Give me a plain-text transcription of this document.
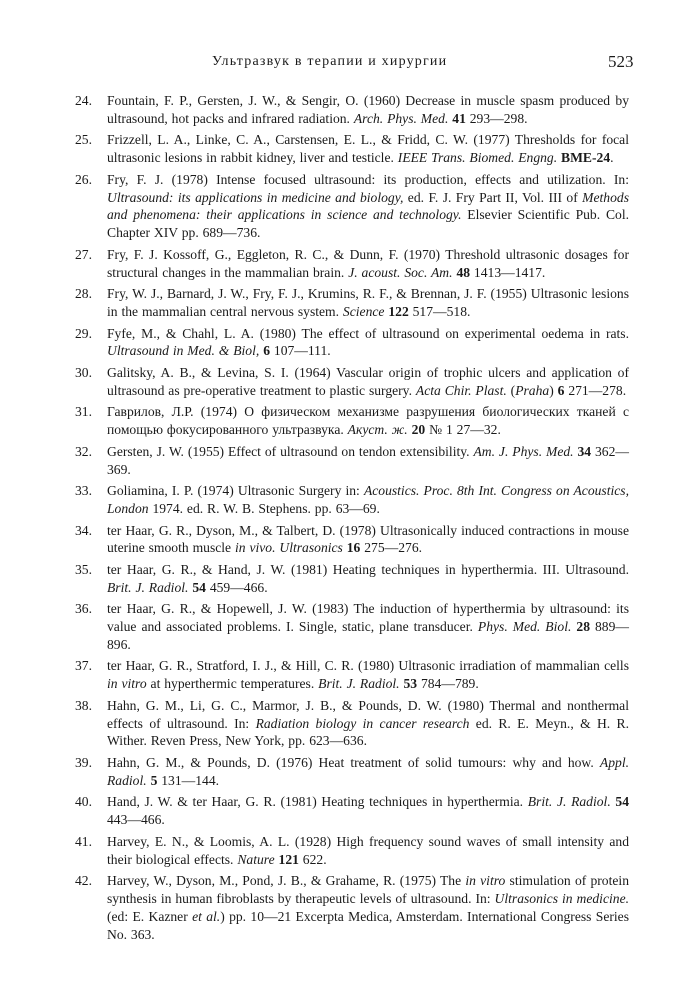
Ультразвук в терапии и хирургии	523
24.	Fountain, F. P., Gersten, J. W., & Sengir, O. (1960) Decrease in muscle spasm produced by ultrasound, hot packs and infrared radiation. Arch. Phys. Med. 41 293—298.

25.	Frizzell, L. A., Linke, C. A., Carstensen, E. L., & Fridd, C. W. (1977) Thresholds for focal ultrasonic lesions in rabbit kidney, liver and testicle. IEEE Trans. Biomed. Engng. BME-24.

26.	Fry, F. J. (1978) Intense focused ultrasound: its production, effects and utilization. In: Ultrasound: its applications in medicine and biology, ed. F. J. Fry Part II, Vol. III of Methods and phenomena: their applications in science and technology. Elsevier Scientific Pub. Col. Chapter XIV pp. 689—736.

27.	Fry, F. J. Kossoff, G., Eggleton, R. C., & Dunn, F. (1970) Threshold ultrasonic dosages for structural changes in the mammalian brain. J. acoust. Soc. Am. 48 1413—1417.

28.	Fry, W. J., Barnard, J. W., Fry, F. J., Krumins, R. F., & Brennan, J. F. (1955) Ultrasonic lesions in the mammalian central nervous system. Science 122 517—518.

29.	Fyfe, M., & Chahl, L. A. (1980) The effect of ultrasound on experimental oedema in rats. Ultrasound in Med. & Biol, 6 107—111.

30.	Galitsky, A. B., & Levina, S. I. (1964) Vascular origin of trophic ulcers and application of ultrasound as pre-operative treatment to plastic surgery. Acta Chir. Plast. (Praha) 6 271—278.

31.	Гаврилов, Л.Р. (1974) О физическом механизме разрушения биологических тканей с помощью фокусированного ультразвука. Акуст. ж. 20 № 1 27—32.

32.	Gersten, J. W. (1955) Effect of ultrasound on tendon extensibility. Am. J. Phys. Med. 34 362—369.

33.	Goliamina, I. P. (1974) Ultrasonic Surgery in: Acoustics. Proc. 8th Int. Congress on Acoustics, London 1974. ed. R. W. B. Stephens. pp. 63—69.

34.	ter Haar, G. R., Dyson, M., & Talbert, D. (1978) Ultrasonically induced contractions in mouse uterine smooth muscle in vivo. Ultrasonics 16 275—276.

35.	ter Haar, G. R., & Hand, J. W. (1981) Heating techniques in hyperthermia. III. Ultrasound. Brit. J. Radiol. 54 459—466.

36.	ter Haar, G. R., & Hopewell, J. W. (1983) The induction of hyperthermia by ultrasound: its value and associated problems. I. Single, static, plane transducer. Phys. Med. Biol. 28 889—896.

37.	ter Haar, G. R., Stratford, I. J., & Hill, C. R. (1980) Ultrasonic irradiation of mammalian cells in vitro at hyperthermic temperatures. Brit. J. Radiol. 53 784—789.

38.	Hahn, G. M., Li, G. C., Marmor, J. B., & Pounds, D. W. (1980) Thermal and nonthermal effects of ultrasound. In: Radiation biology in cancer research ed. R. E. Meyn., & H. R. Wither. Reven Press, New York, pp. 623—636.

39.	Hahn, G. M., & Pounds, D. (1976) Heat treatment of solid tumours: why and how. Appl. Radiol. 5 131—144.

40.	Hand, J. W. & ter Haar, G. R. (1981) Heating techniques in hyperthermia. Brit. J. Radiol. 54 443—466.

41.	Harvey, E. N., & Loomis, A. L. (1928) High frequency sound waves of small intensity and their biological effects. Nature 121 622.

42.	Harvey, W., Dyson, M., Pond, J. B., & Grahame, R. (1975) The in vitro stimulation of protein synthesis in human fibroblasts by therapeutic levels of ultrasound. In: Ultrasonics in medicine. (ed: E. Kazner et al.) pp. 10—21 Excerpta Medica, Amsterdam. International Congress Series No. 363.
